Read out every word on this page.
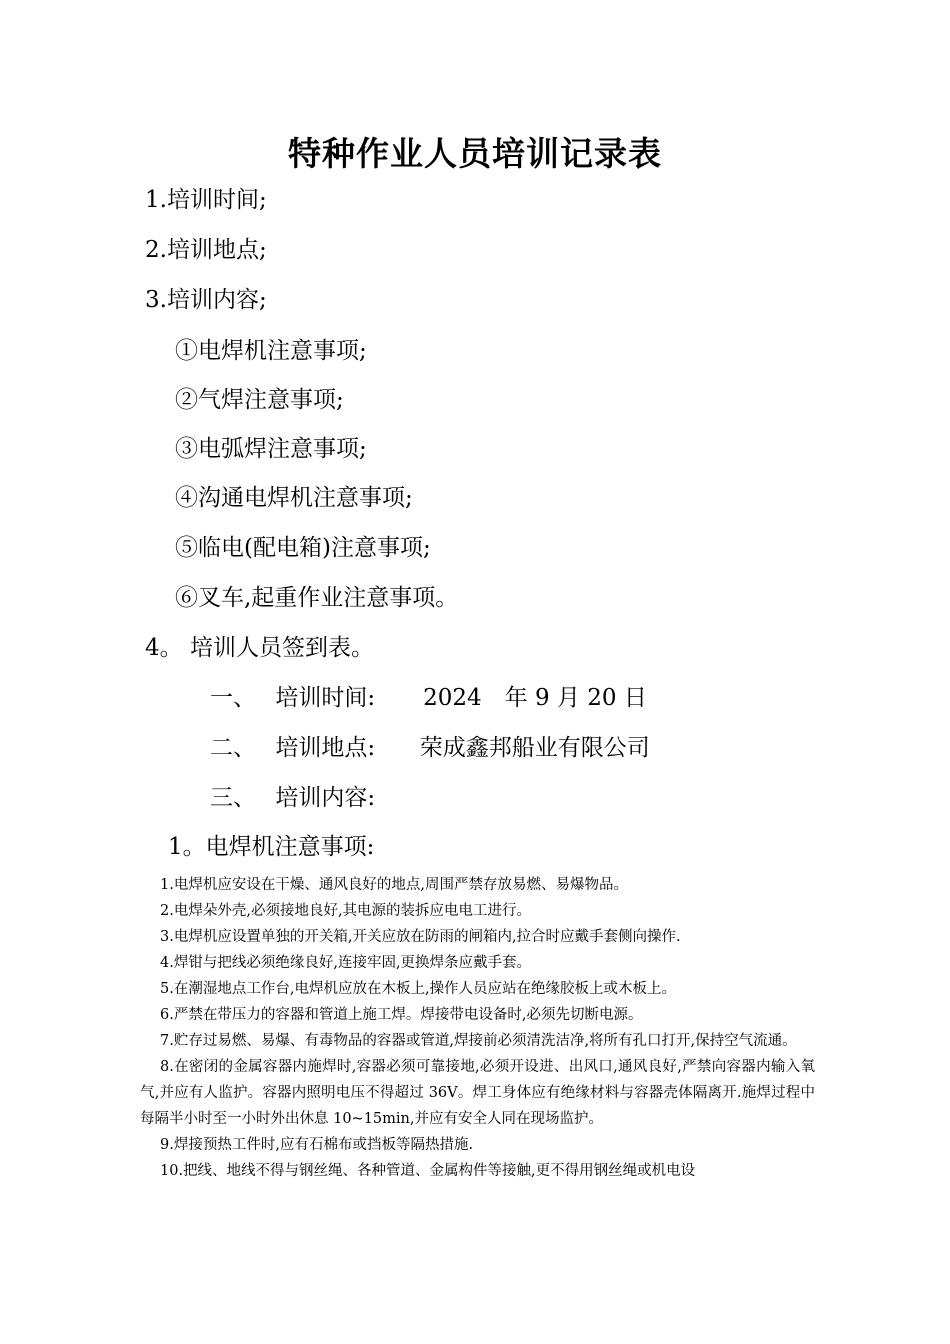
特种作业人员培训记录表
1.培训时间;
2.培训地点;
3.培训内容;
①电焊机注意事项;
②气焊注意事项;
③电弧焊注意事项;
④沟通电焊机注意事项;
⑤临电(配电箱)注意事项;
⑥叉车,起重作业注意事项。
4。 培训人员签到表。
一、 培训时间: 2024 年 9 月 20 日
二、 培训地点: 荣成鑫邦船业有限公司
三、 培训内容:
1。电焊机注意事项:

1.电焊机应安设在干燥、通风良好的地点,周围严禁存放易燃、易爆物品。

2.电焊朵外壳,必须接地良好,其电源的装拆应电电工进行。

3.电焊机应设置单独的开关箱,开关应放在防雨的闸箱内,拉合时应戴手套侧向操作.

4.焊钳与把线必须绝缘良好,连接牢固,更换焊条应戴手套。

5.在潮湿地点工作台,电焊机应放在木板上,操作人员应站在绝缘胶板上或木板上。

6.严禁在带压力的容器和管道上施工焊。焊接带电设备时,必须先切断电源。

7.贮存过易燃、易爆、有毒物品的容器或管道,焊接前必须清洗洁净,将所有孔口打开,保持空气流通。

8.在密闭的金属容器内施焊时,容器必须可靠接地,必须开设进、出风口,通风良好,严禁向容器内输入氧气,并应有人监护。容器内照明电压不得超过 36V。焊工身体应有绝缘材料与容器壳体隔离开.施焊过程中每隔半小时至一小时外出休息 10~15min,并应有安全人同在现场监护。

9.焊接预热工件时,应有石棉布或挡板等隔热措施.

10.把线、地线不得与钢丝绳、各种管道、金属构件等接触,更不得用钢丝绳或机电设
